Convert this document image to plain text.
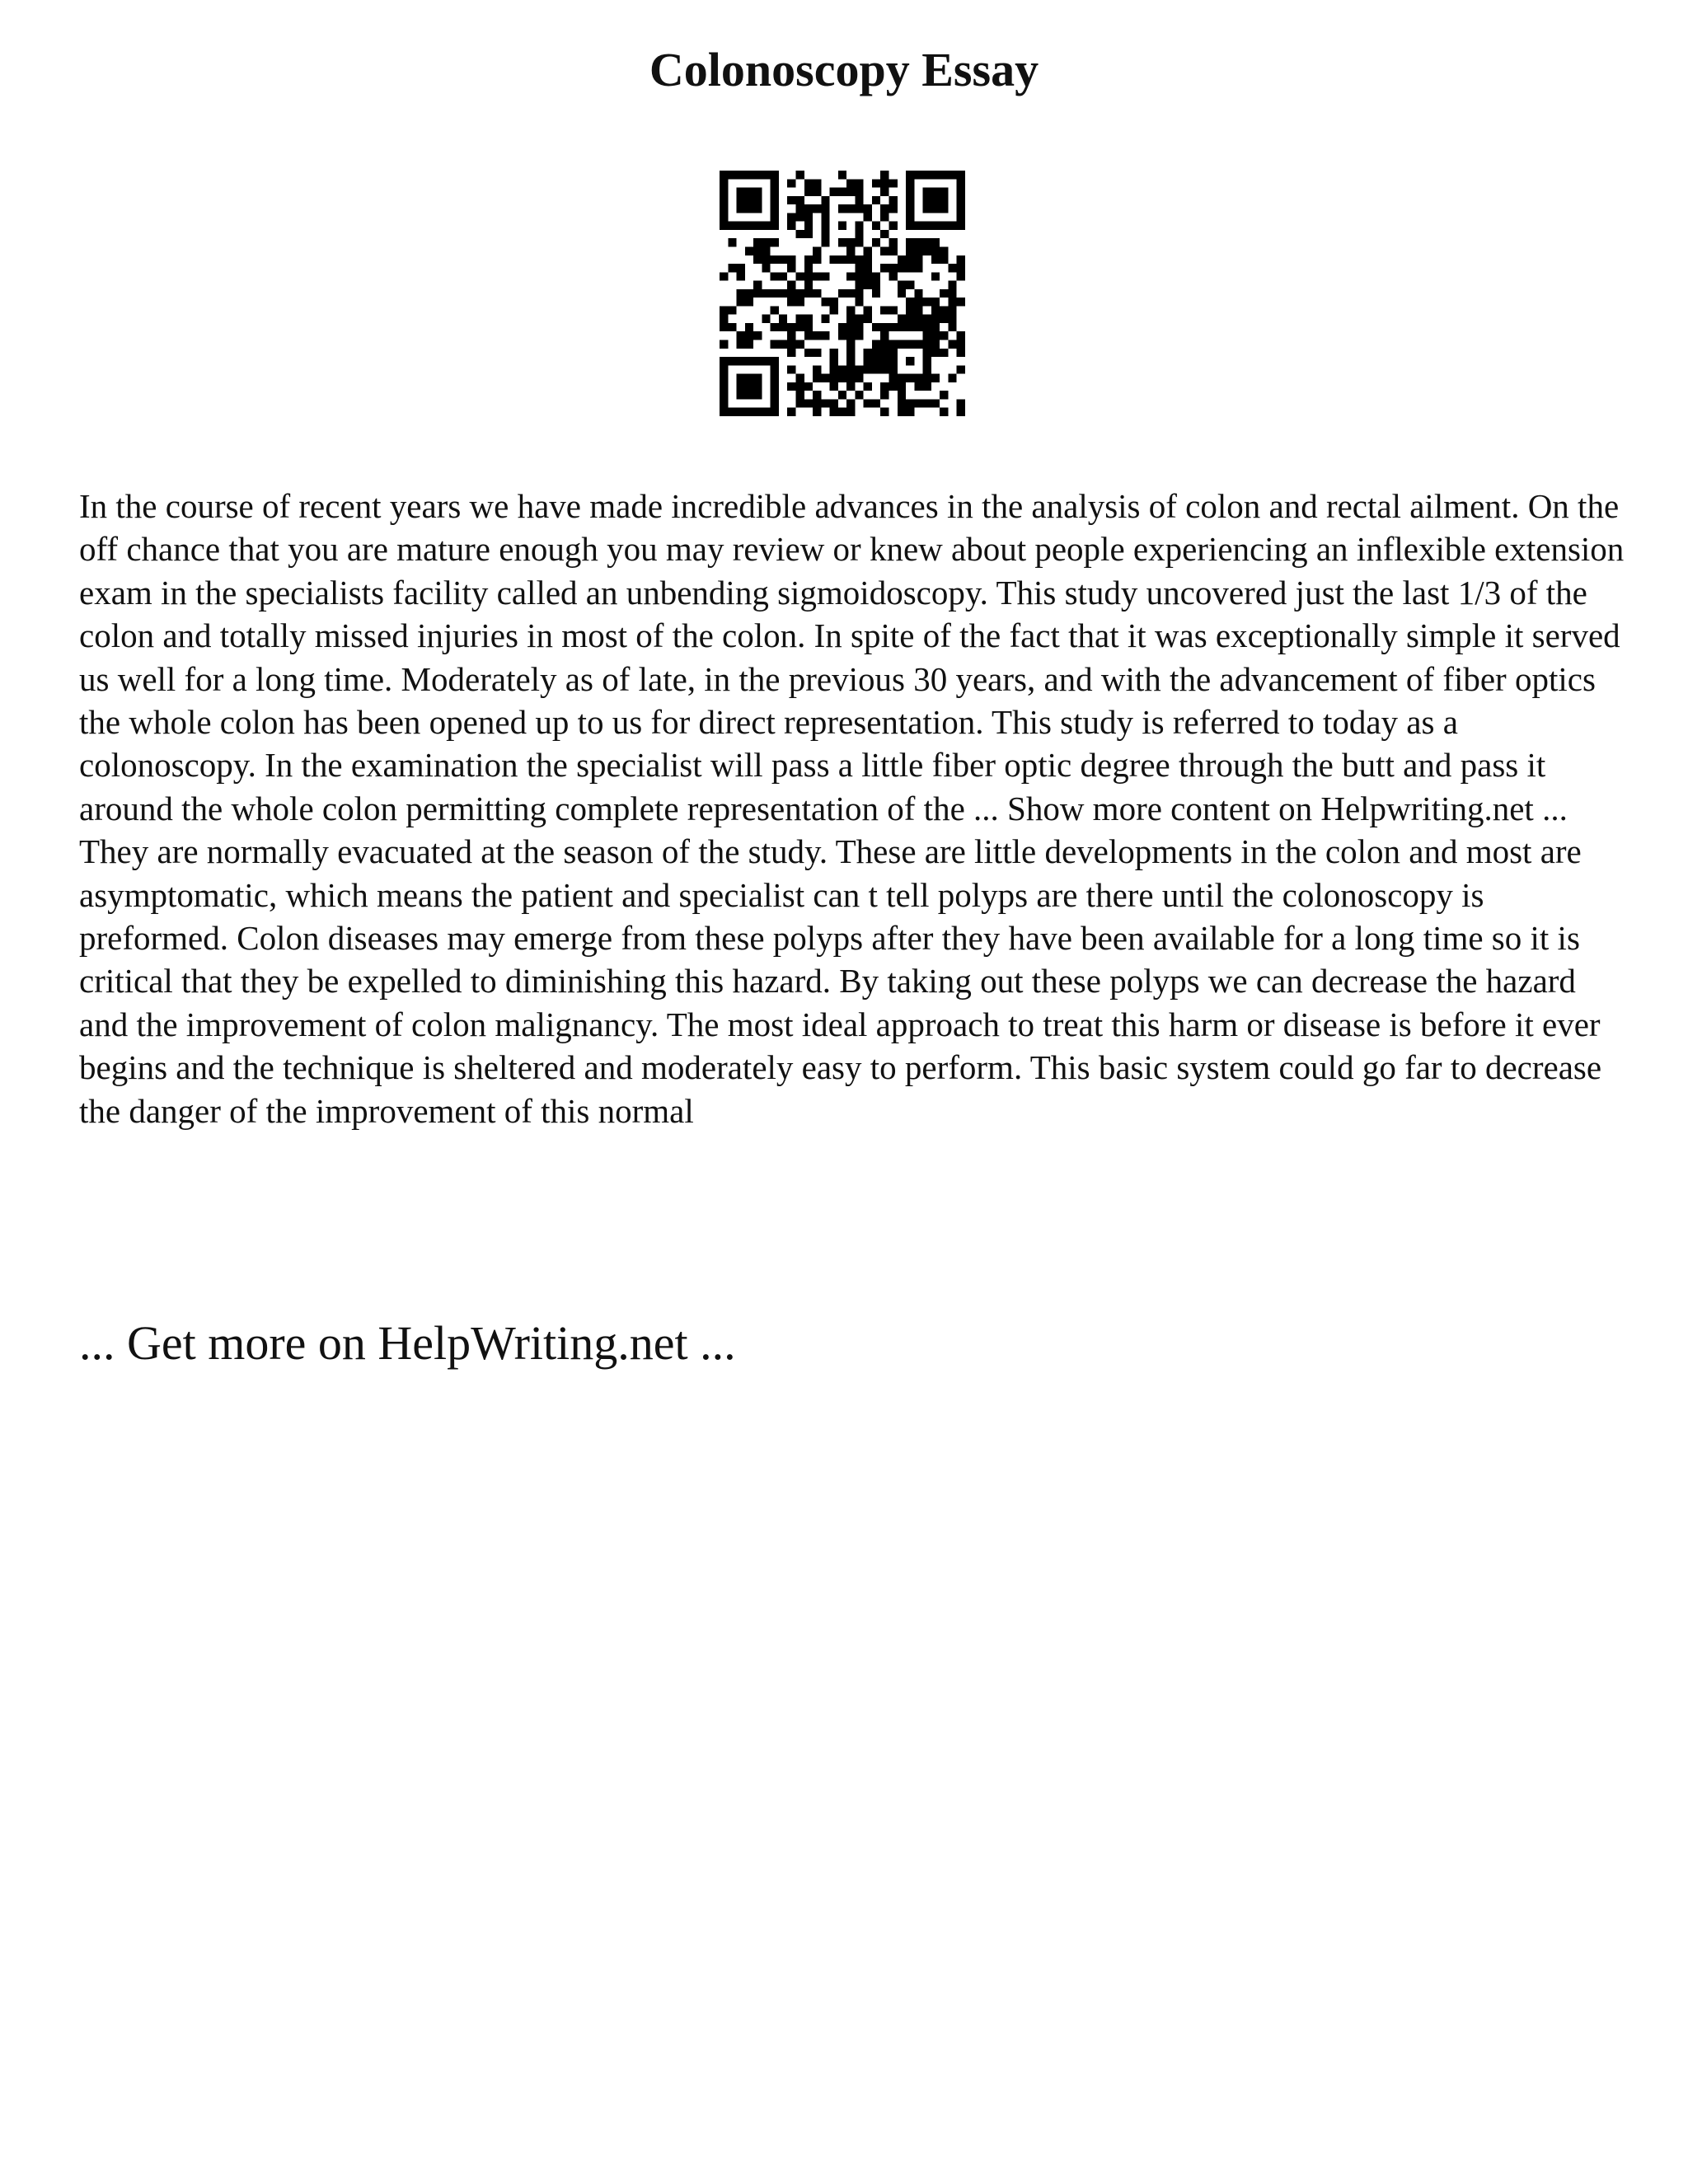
Colonoscopy Essay

In the course of recent years we have made incredible advances in the analysis of colon and rectal ailment. On the off chance that you are mature enough you may review or knew about people experiencing an inflexible extension exam in the specialists facility called an unbending sigmoidoscopy. This study uncovered just the last 1/3 of the colon and totally missed injuries in most of the colon. In spite of the fact that it was exceptionally simple it served us well for a long time. Moderately as of late, in the previous 30 years, and with the advancement of fiber optics the whole colon has been opened up to us for direct representation. This study is referred to today as a colonoscopy. In the examination the specialist will pass a little fiber optic degree through the butt and pass it around the whole colon permitting complete representation of the ... Show more content on Helpwriting.net ...

They are normally evacuated at the season of the study. These are little developments in the colon and most are asymptomatic, which means the patient and specialist can t tell polyps are there until the colonoscopy is preformed. Colon diseases may emerge from these polyps after they have been available for a long time so it is critical that they be expelled to diminishing this hazard. By taking out these polyps we can decrease the hazard and the improvement of colon malignancy. The most ideal approach to treat this harm or disease is before it ever begins and the technique is sheltered and moderately easy to perform. This basic system could go far to decrease the danger of the improvement of this normal

... Get more on HelpWriting.net ...
